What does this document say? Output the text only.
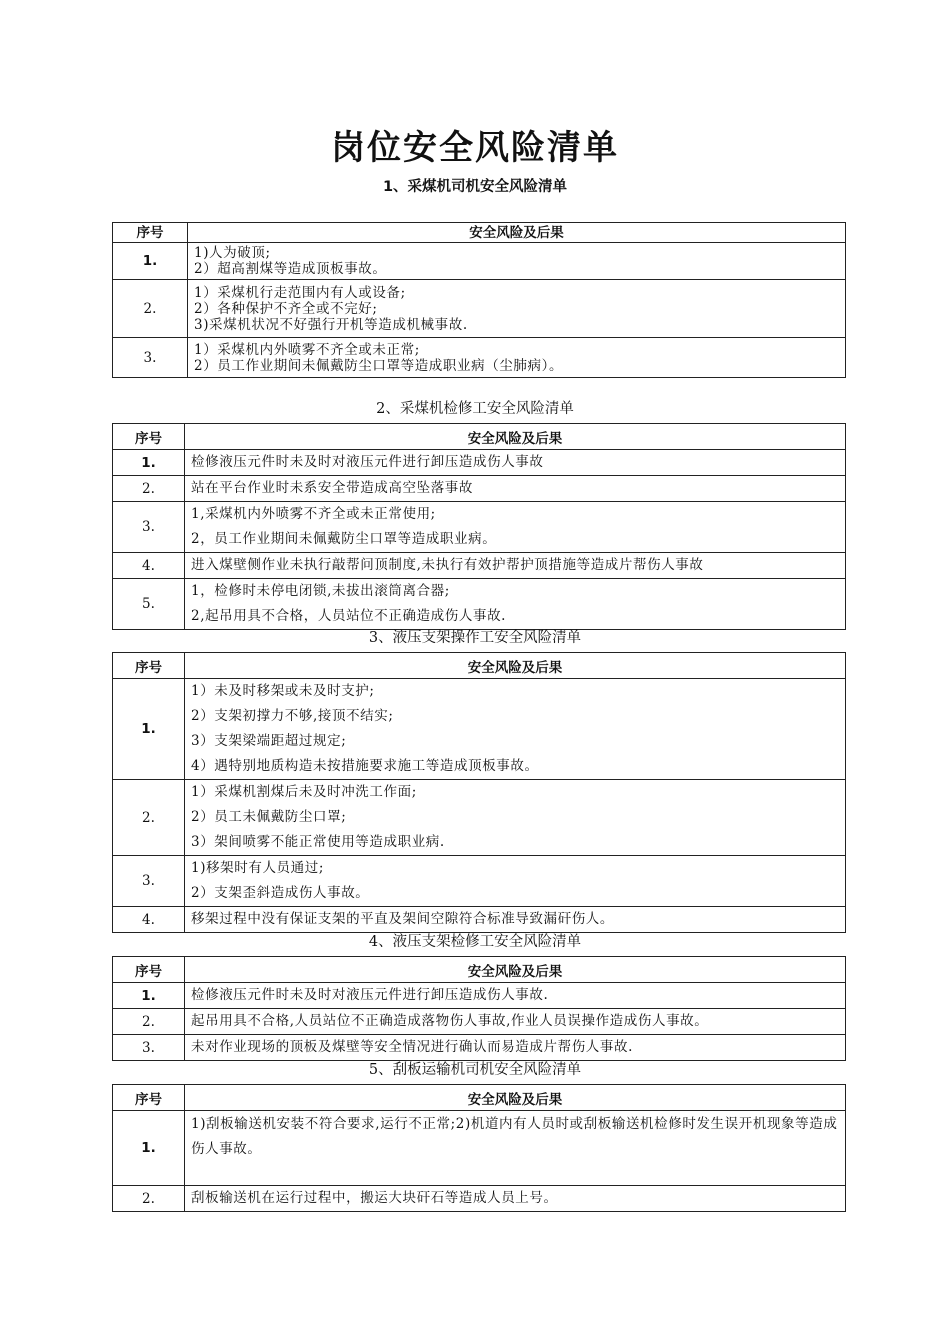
岗位安全风险清单
1、采煤机司机安全风险清单
序号	安全风险及后果
1.	1)人为破顶;
2）超高割煤等造成顶板事故。

2.	1）采煤机行走范围内有人或设备;
2）各种保护不齐全或不完好;
3)采煤机状况不好强行开机等造成机械事故.

3.	1）采煤机内外喷雾不齐全或未正常;
2）员工作业期间未佩戴防尘口罩等造成职业病（尘肺病）。
2、采煤机检修工安全风险清单
序号	安全风险及后果
1.	检修液压元件时未及时对液压元件进行卸压造成伤人事故

2.	站在平台作业时未系安全带造成高空坠落事故

3.	1,采煤机内外喷雾不齐全或未正常使用;
2，员工作业期间未佩戴防尘口罩等造成职业病。

4.	进入煤壁侧作业未执行敲帮问顶制度,未执行有效护帮护顶措施等造成片帮伤人事故

5.	1，检修时未停电闭锁,未拔出滚筒离合器;
2,起吊用具不合格，人员站位不正确造成伤人事故.
3、液压支架操作工安全风险清单
序号	安全风险及后果
1.	1）未及时移架或未及时支护;
2）支架初撑力不够,接顶不结实;
3）支架梁端距超过规定;
4）遇特别地质构造未按措施要求施工等造成顶板事故。

2.	1）采煤机割煤后未及时冲洗工作面;
2）员工未佩戴防尘口罩;
3）架间喷雾不能正常使用等造成职业病.

3.	1)移架时有人员通过;
2）支架歪斜造成伤人事故。

4.	移架过程中没有保证支架的平直及架间空隙符合标准导致漏矸伤人。
4、液压支架检修工安全风险清单
序号	安全风险及后果
1.	检修液压元件时未及时对液压元件进行卸压造成伤人事故.

2.	起吊用具不合格,人员站位不正确造成落物伤人事故,作业人员误操作造成伤人事故。

3.	未对作业现场的顶板及煤壁等安全情况进行确认而易造成片帮伤人事故.
5、刮板运输机司机安全风险清单
序号	安全风险及后果
1.	1)刮板输送机安装不符合要求,运行不正常;2)机道内有人员时或刮板输送机检修时发生误开机现象等造成伤人事故。

2.	刮板输送机在运行过程中，搬运大块矸石等造成人员上号。
